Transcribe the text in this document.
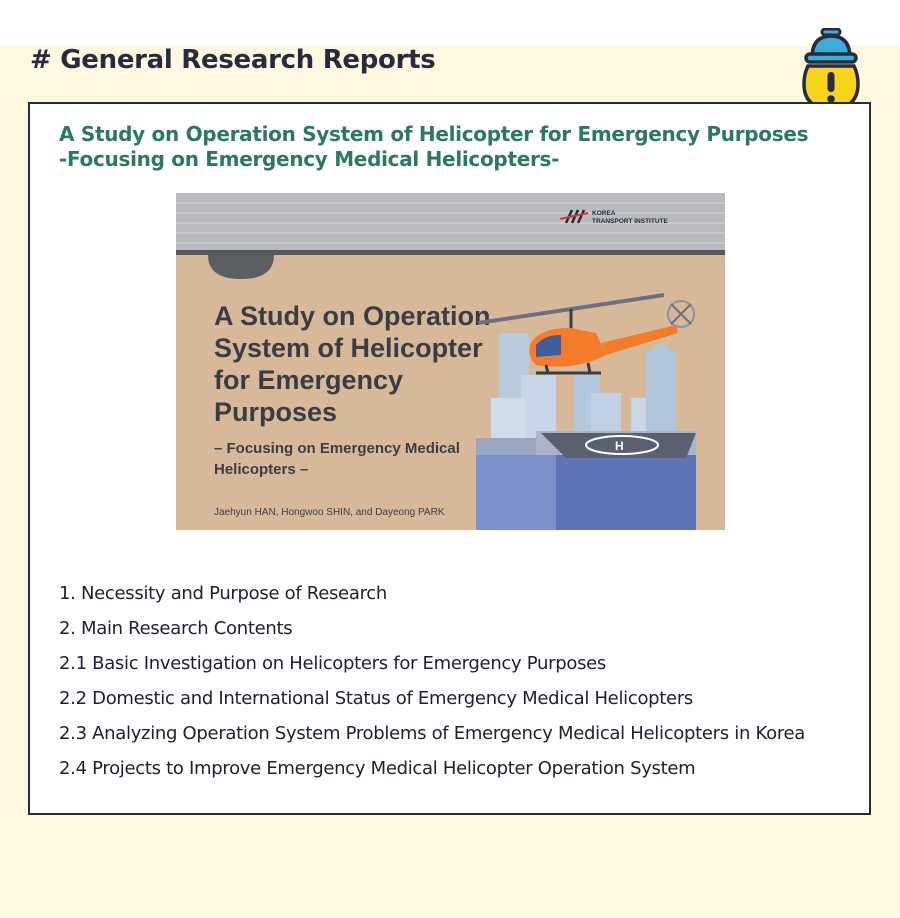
# General Research Reports
A Study on Operation System of Helicopter for Emergency Purposes
-Focusing on Emergency Medical Helicopters-
KOREA
TRANSPORT INSTITUTE
A Study on Operation
System of Helicopter
for Emergency
Purposes
– Focusing on Emergency Medical
Helicopters –
Jaehyun HAN, Hongwoo SHIN, and Dayeong PARK
H
1. Necessity and Purpose of Research
2. Main Research Contents
2.1 Basic Investigation on Helicopters for Emergency Purposes
2.2 Domestic and International Status of Emergency Medical Helicopters
2.3 Analyzing Operation System Problems of Emergency Medical Helicopters in Korea
2.4 Projects to Improve Emergency Medical Helicopter Operation System
